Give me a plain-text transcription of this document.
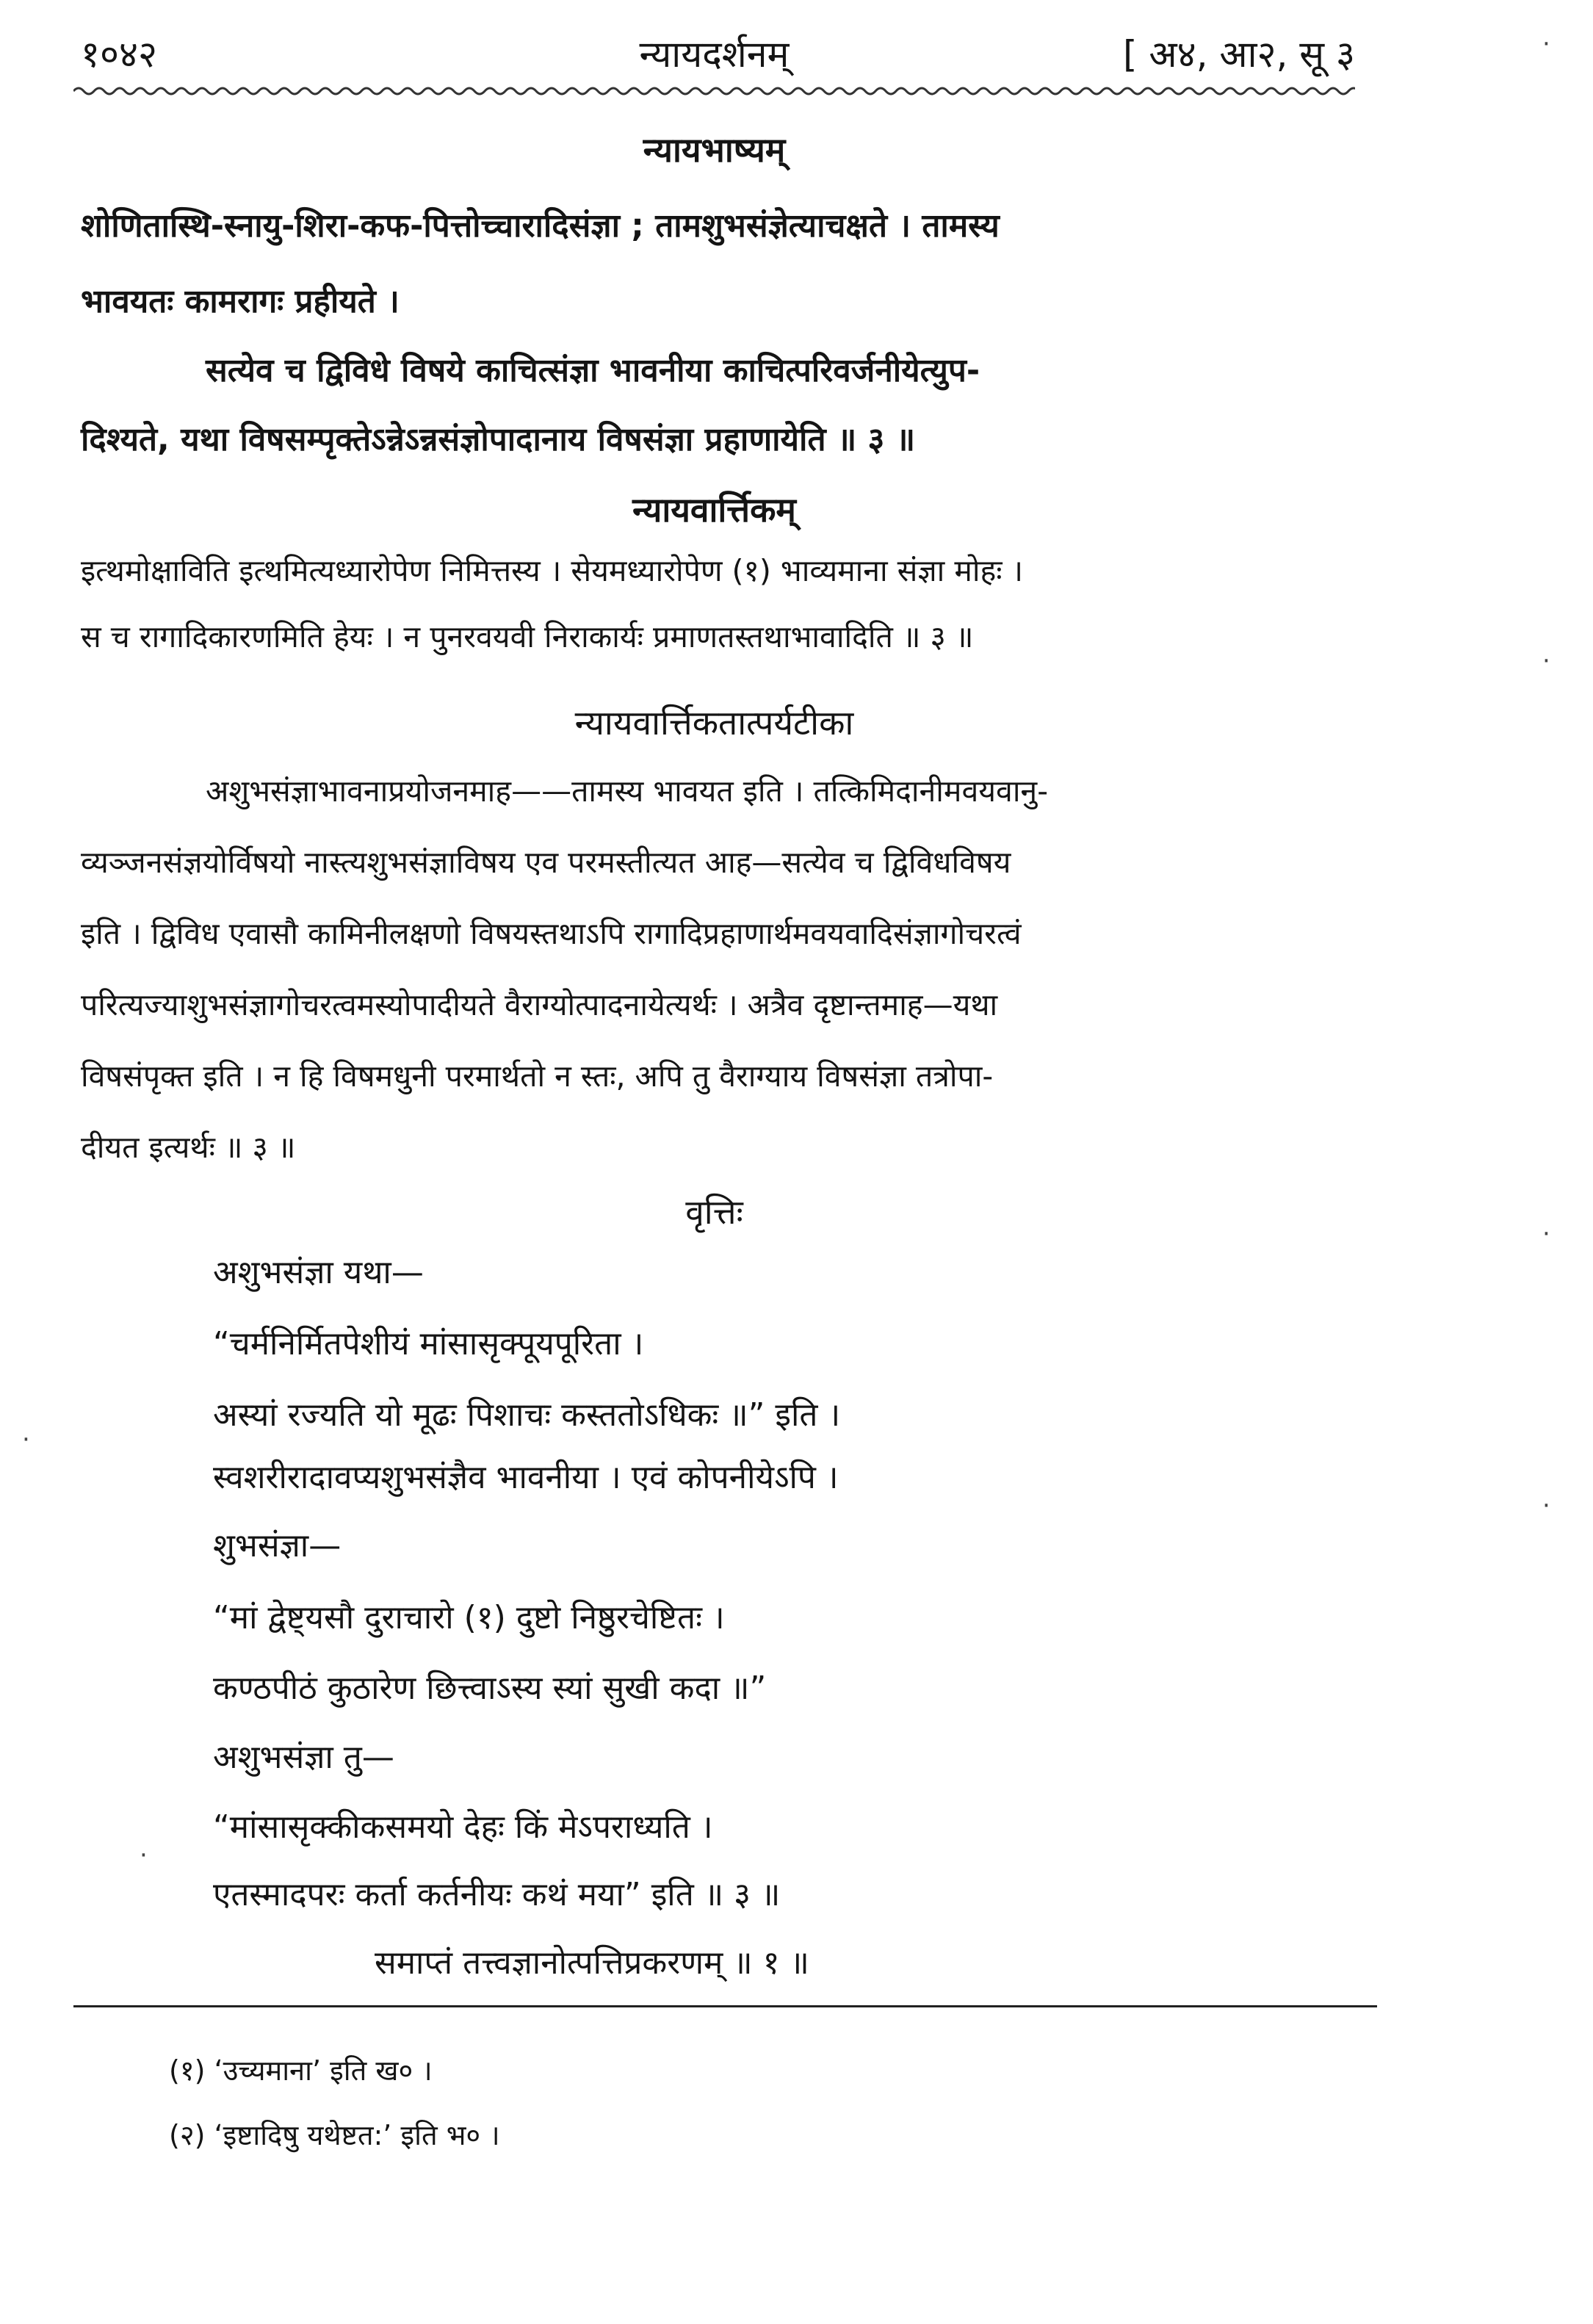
१०४२	न्यायदर्शनम्	[ अ४, आ२, सू ३
न्यायभाष्यम्
शोणितास्थि-स्नायु-शिरा-कफ-पित्तोच्चारादिसंज्ञा ; तामशुभसंज्ञेत्याचक्षते । तामस्य
भावयतः कामरागः प्रहीयते ।
सत्येव च द्विविधे विषये काचित्संज्ञा भावनीया काचित्परिवर्जनीयेत्युप-
दिश्यते, यथा विषसम्पृक्तेऽन्नेऽन्नसंज्ञोपादानाय विषसंज्ञा प्रहाणायेति ॥ ३ ॥
न्यायवार्त्तिकम्
इत्थमोक्षाविति इत्थमित्यध्यारोपेण निमित्तस्य । सेयमध्यारोपेण (१) भाव्यमाना संज्ञा मोहः ।
स च रागादिकारणमिति हेयः । न पुनरवयवी निराकार्यः प्रमाणतस्तथाभावादिति ॥ ३ ॥
न्यायवार्त्तिकतात्पर्यटीका
अशुभसंज्ञाभावनाप्रयोजनमाह——तामस्य भावयत इति । तत्किमिदानीमवयवानु-
व्यञ्जनसंज्ञयोर्विषयो नास्त्यशुभसंज्ञाविषय एव परमस्तीत्यत आह—सत्येव च द्विविधविषय
इति । द्विविध एवासौ कामिनीलक्षणो विषयस्तथाऽपि रागादिप्रहाणार्थमवयवादिसंज्ञागोचरत्वं
परित्यज्याशुभसंज्ञागोचरत्वमस्योपादीयते वैराग्योत्पादनायेत्यर्थः । अत्रैव दृष्टान्तमाह—यथा
विषसंपृक्त इति । न हि विषमधुनी परमार्थतो न स्तः, अपि तु वैराग्याय विषसंज्ञा तत्रोपा-
दीयत इत्यर्थः ॥ ३ ॥
वृत्तिः
अशुभसंज्ञा यथा—
“चर्मनिर्मितपेशीयं मांसासृक्पूयपूरिता ।
अस्यां रज्यति यो मूढः पिशाचः कस्ततोऽधिकः ॥” इति ।
स्वशरीरादावप्यशुभसंज्ञैव भावनीया । एवं कोपनीयेऽपि ।
शुभसंज्ञा—
“मां द्वेष्ट्यसौ दुराचारो (१) दुष्टो निष्ठुरचेष्टितः ।
कण्ठपीठं कुठारेण छित्त्वाऽस्य स्यां सुखी कदा ॥”
अशुभसंज्ञा तु—
“मांसासृक्कीकसमयो देहः किं मेऽपराध्यति ।
एतस्मादपरः कर्ता कर्तनीयः कथं मया” इति ॥ ३ ॥
समाप्तं तत्त्वज्ञानोत्पत्तिप्रकरणम् ॥ १ ॥
(१) ‘उच्यमाना’ इति ख० ।
(२) ‘इष्टादिषु यथेष्टत:’ इति भ० ।
·
·
·
·
·
·
